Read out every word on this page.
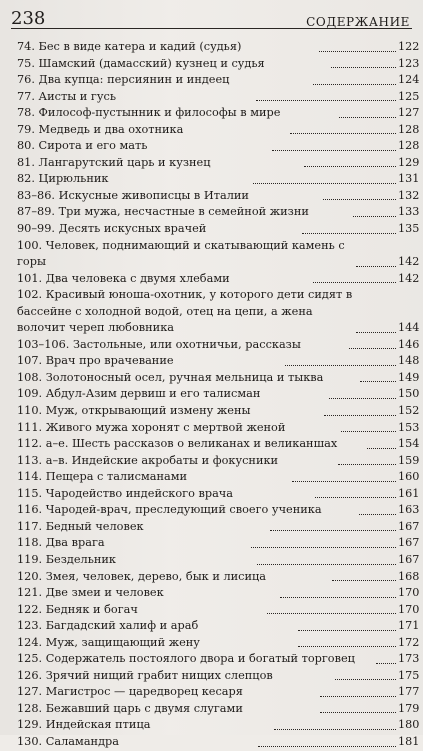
238	СОДЕРЖАНИЕ
74. Бес в виде катера и кадий (судья)	122
75. Шамский (дамасский) кузнец и судья	123
76. Два купца: персиянин и индеец	124
77. Аисты и гусь	125
78. Философ-пустынник и философы в мире	127
79. Медведь и два охотника	128
80. Сирота и его мать	128
81. Лангарутский царь и кузнец	129
82. Цирюльник	131
83–86. Искусные живописцы в Италии	132
87–89. Три мужа, несчастные в семейной жизни	133
90–99. Десять искусных врачей	135
100. Человек, поднимающий и скатывающий камень с горы	142
101. Два человека с двумя хлебами	142
102. Красивый юноша-охотник, у которого дети сидят в бассейне с холодной водой, отец на цепи, а жена волочит череп любовника	144
103–106. Застольные, или охотничьи, рассказы	146
107. Врач про врачевание	148
108. Золотоносный осел, ручная мельница и тыква	149
109. Абдул-Азим дервиш и его талисман	150
110. Муж, открывающий измену жены	152
111. Живого мужа хоронят с мертвой женой	153
112. а–е. Шесть рассказов о великанах и великаншах	154
113. а–в. Индейские акробаты и фокусники	159
114. Пещера с талисманами	160
115. Чародейство индейского врача	161
116. Чародей-врач, преследующий своего ученика	163
117. Бедный человек	167
118. Два врага	167
119. Бездельник	167
120. Змея, человек, дерево, бык и лисица	168
121. Две змеи и человек	170
122. Бедняк и богач	170
123. Багдадский халиф и араб	171
124. Муж, защищающий жену	172
125. Содержатель постоялого двора и богатый торговец	173
126. Зрячий нищий грабит нищих слепцов	175
127. Магистрос — царедворец кесаря	177
128. Бежавший царь с двумя слугами	179
129. Индейская птица	180
130. Саламандра	181
